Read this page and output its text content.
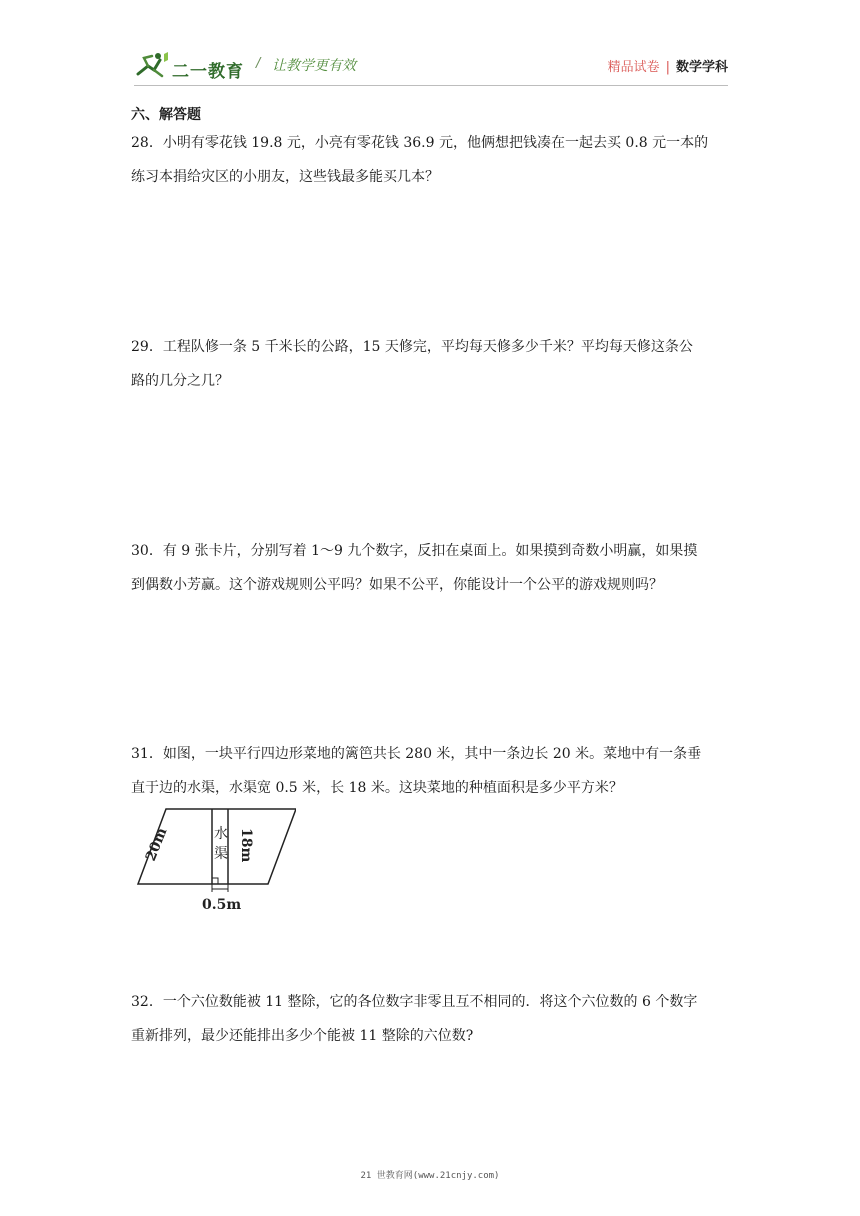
二一教育 / 让教学更有效	精品试卷 | 数学学科
六、解答题
28．小明有零花钱 19.8 元，小亮有零花钱 36.9 元，他俩想把钱凑在一起去买 0.8 元一本的
练习本捐给灾区的小朋友，这些钱最多能买几本？
29．工程队修一条 5 千米长的公路，15 天修完，平均每天修多少千米？平均每天修这条公
路的几分之几？
30．有 9 张卡片，分别写着 1～9 九个数字，反扣在桌面上。如果摸到奇数小明赢，如果摸
到偶数小芳赢。这个游戏规则公平吗？如果不公平，你能设计一个公平的游戏规则吗？
31．如图，一块平行四边形菜地的篱笆共长 280 米，其中一条边长 20 米。菜地中有一条垂
直于边的水渠，水渠宽 0.5 米，长 18 米。这块菜地的种植面积是多少平方米？
20m	水
渠 18m
0.5m
32．一个六位数能被 11 整除，它的各位数字非零且互不相同的．将这个六位数的 6 个数字
重新排列，最少还能排出多少个能被 11 整除的六位数?
21 世教育网(www.21cnjy.com)
